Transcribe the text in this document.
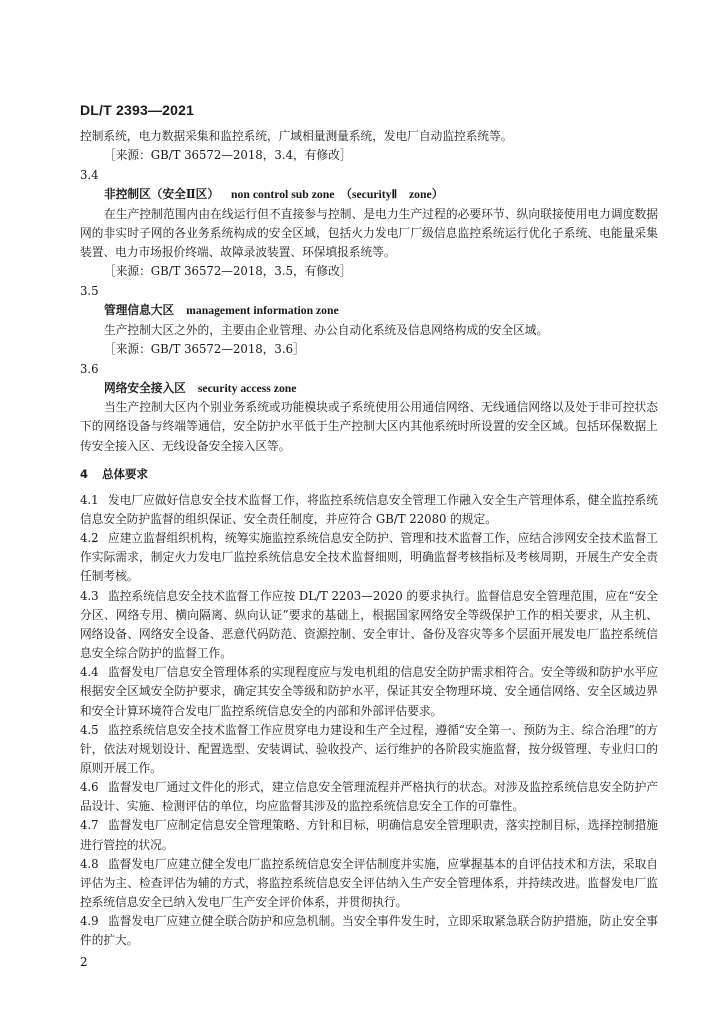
DL/T 2393—2021

控制系统，电力数据采集和监控系统，广域相量测量系统，发电厂自动监控系统等。

［来源：GB/T 36572—2018，3.4，有修改］

3.4

非控制区（安全Ⅱ区） non control sub zone　（securityⅡ　zone）

在生产控制范围内由在线运行但不直接参与控制、是电力生产过程的必要环节、纵向联接使用电力调度数据网的非实时子网的各业务系统构成的安全区域，包括火力发电厂厂级信息监控系统运行优化子系统、电能量采集装置、电力市场报价终端、故障录波装置、环保填报系统等。

［来源：GB/T 36572—2018，3.5，有修改］

3.5

管理信息大区 management information zone

生产控制大区之外的，主要由企业管理、办公自动化系统及信息网络构成的安全区域。

［来源：GB/T 36572—2018，3.6］

3.6

网络安全接入区 security access zone

当生产控制大区内个别业务系统或功能模块或子系统使用公用通信网络、无线通信网络以及处于非可控状态下的网络设备与终端等通信，安全防护水平低于生产控制大区内其他系统时所设置的安全区域。包括环保数据上传安全接入区、无线设备安全接入区等。

4 总体要求

4.1 发电厂应做好信息安全技术监督工作，将监控系统信息安全管理工作融入安全生产管理体系，健全监控系统信息安全防护监督的组织保证、安全责任制度，并应符合 GB/T 22080 的规定。

4.2 应建立监督组织机构，统筹实施监控系统信息安全防护、管理和技术监督工作，应结合涉网安全技术监督工作实际需求，制定火力发电厂监控系统信息安全技术监督细则，明确监督考核指标及考核周期，开展生产安全责任制考核。

4.3 监控系统信息安全技术监督工作应按 DL/T 2203—2020 的要求执行。监督信息安全管理范围，应在“安全分区、网络专用、横向隔离、纵向认证”要求的基础上，根据国家网络安全等级保护工作的相关要求，从主机、网络设备、网络安全设备、恶意代码防范、资源控制、安全审计、备份及容灾等多个层面开展发电厂监控系统信息安全综合防护的监督工作。

4.4 监督发电厂信息安全管理体系的实现程度应与发电机组的信息安全防护需求相符合。安全等级和防护水平应根据安全区域安全防护要求，确定其安全等级和防护水平，保证其安全物理环境、安全通信网络、安全区域边界和安全计算环境符合发电厂监控系统信息安全的内部和外部评估要求。

4.5 监控系统信息安全技术监督工作应贯穿电力建设和生产全过程，遵循“安全第一、预防为主、综合治理”的方针，依法对规划设计、配置选型、安装调试、验收投产、运行维护的各阶段实施监督，按分级管理、专业归口的原则开展工作。

4.6 监督发电厂通过文件化的形式，建立信息安全管理流程并严格执行的状态。对涉及监控系统信息安全防护产品设计、实施、检测评估的单位，均应监督其涉及的监控系统信息安全工作的可靠性。

4.7 监督发电厂应制定信息安全管理策略、方针和目标，明确信息安全管理职责，落实控制目标，选择控制措施进行管控的状况。

4.8 监督发电厂应建立健全发电厂监控系统信息安全评估制度并实施，应掌握基本的自评估技术和方法，采取自评估为主、检查评估为辅的方式，将监控系统信息安全评估纳入生产安全管理体系，并持续改进。监督发电厂监控系统信息安全已纳入发电厂生产安全评价体系，并贯彻执行。

4.9 监督发电厂应建立健全联合防护和应急机制。当安全事件发生时，立即采取紧急联合防护措施，防止安全事件的扩大。

2
